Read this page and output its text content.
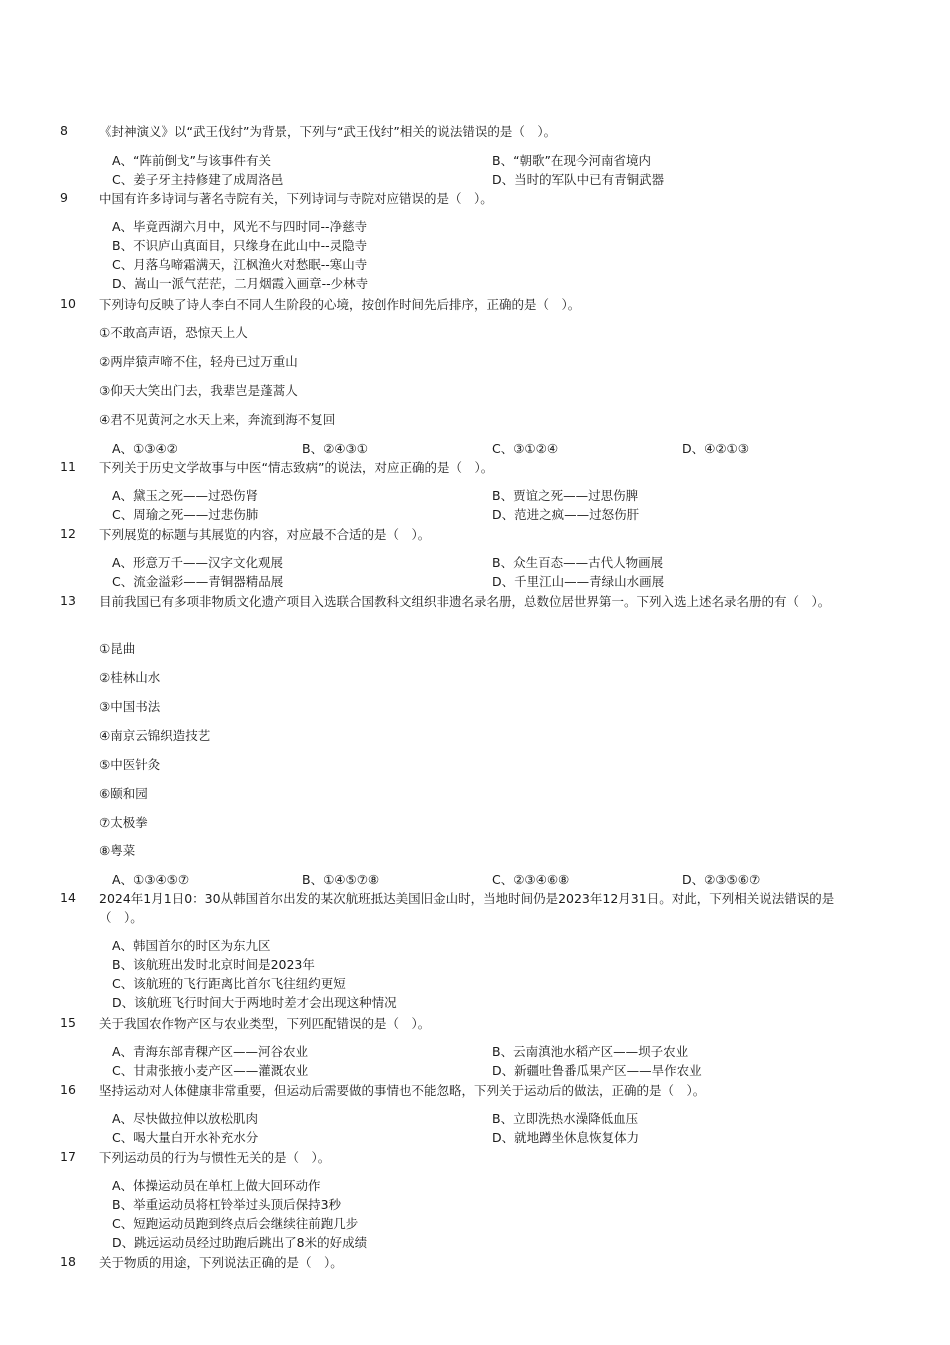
8 《封神演义》以“武王伐纣”为背景，下列与“武王伐纣”相关的说法错误的是（　）。
A、“阵前倒戈”与该事件有关	B、“朝歌”在现今河南省境内
C、姜子牙主持修建了成周洛邑	D、当时的军队中已有青铜武器
9 中国有许多诗词与著名寺院有关，下列诗词与寺院对应错误的是（　）。
A、毕竟西湖六月中，风光不与四时同--净慈寺
B、不识庐山真面目，只缘身在此山中--灵隐寺
C、月落乌啼霜满天，江枫渔火对愁眠--寒山寺
D、嵩山一派气茫茫，二月烟霞入画章--少林寺
10 下列诗句反映了诗人李白不同人生阶段的心境，按创作时间先后排序，正确的是（　）。
①不敢高声语，恐惊天上人
②两岸猿声啼不住，轻舟已过万重山
③仰天大笑出门去，我辈岂是蓬蒿人
④君不见黄河之水天上来，奔流到海不复回
A、①③④②	B、②④③①	C、③①②④	D、④②①③
11 下列关于历史文学故事与中医“情志致病”的说法，对应正确的是（　）。
A、黛玉之死——过恐伤肾	B、贾谊之死——过思伤脾
C、周瑜之死——过悲伤肺	D、范进之疯——过怒伤肝
12 下列展览的标题与其展览的内容，对应最不合适的是（　）。
A、形意万千——汉字文化观展	B、众生百态——古代人物画展
C、流金溢彩——青铜器精品展	D、千里江山——青绿山水画展
13 目前我国已有多项非物质文化遗产项目入选联合国教科文组织非遗名录名册，总数位居世界第一。下列入选上述名录名册的有（　）。
①昆曲
②桂林山水
③中国书法
④南京云锦织造技艺
⑤中医针灸
⑥颐和园
⑦太极拳
⑧粤菜
A、①③④⑤⑦	B、①④⑤⑦⑧	C、②③④⑥⑧	D、②③⑤⑥⑦
14 2024年1月1日0：30从韩国首尔出发的某次航班抵达美国旧金山时，当地时间仍是2023年12月31日。对此，下列相关说法错误的是（　）。
A、韩国首尔的时区为东九区
B、该航班出发时北京时间是2023年
C、该航班的飞行距离比首尔飞往纽约更短
D、该航班飞行时间大于两地时差才会出现这种情况
15 关于我国农作物产区与农业类型，下列匹配错误的是（　）。
A、青海东部青稞产区——河谷农业	B、云南滇池水稻产区——坝子农业
C、甘肃张掖小麦产区——灌溉农业	D、新疆吐鲁番瓜果产区——旱作农业
16 坚持运动对人体健康非常重要，但运动后需要做的事情也不能忽略，下列关于运动后的做法，正确的是（　）。
A、尽快做拉伸以放松肌肉	B、立即洗热水澡降低血压
C、喝大量白开水补充水分	D、就地蹲坐休息恢复体力
17 下列运动员的行为与惯性无关的是（　）。
A、体操运动员在单杠上做大回环动作
B、举重运动员将杠铃举过头顶后保持3秒
C、短跑运动员跑到终点后会继续往前跑几步
D、跳远运动员经过助跑后跳出了8米的好成绩
18 关于物质的用途，下列说法正确的是（　）。
